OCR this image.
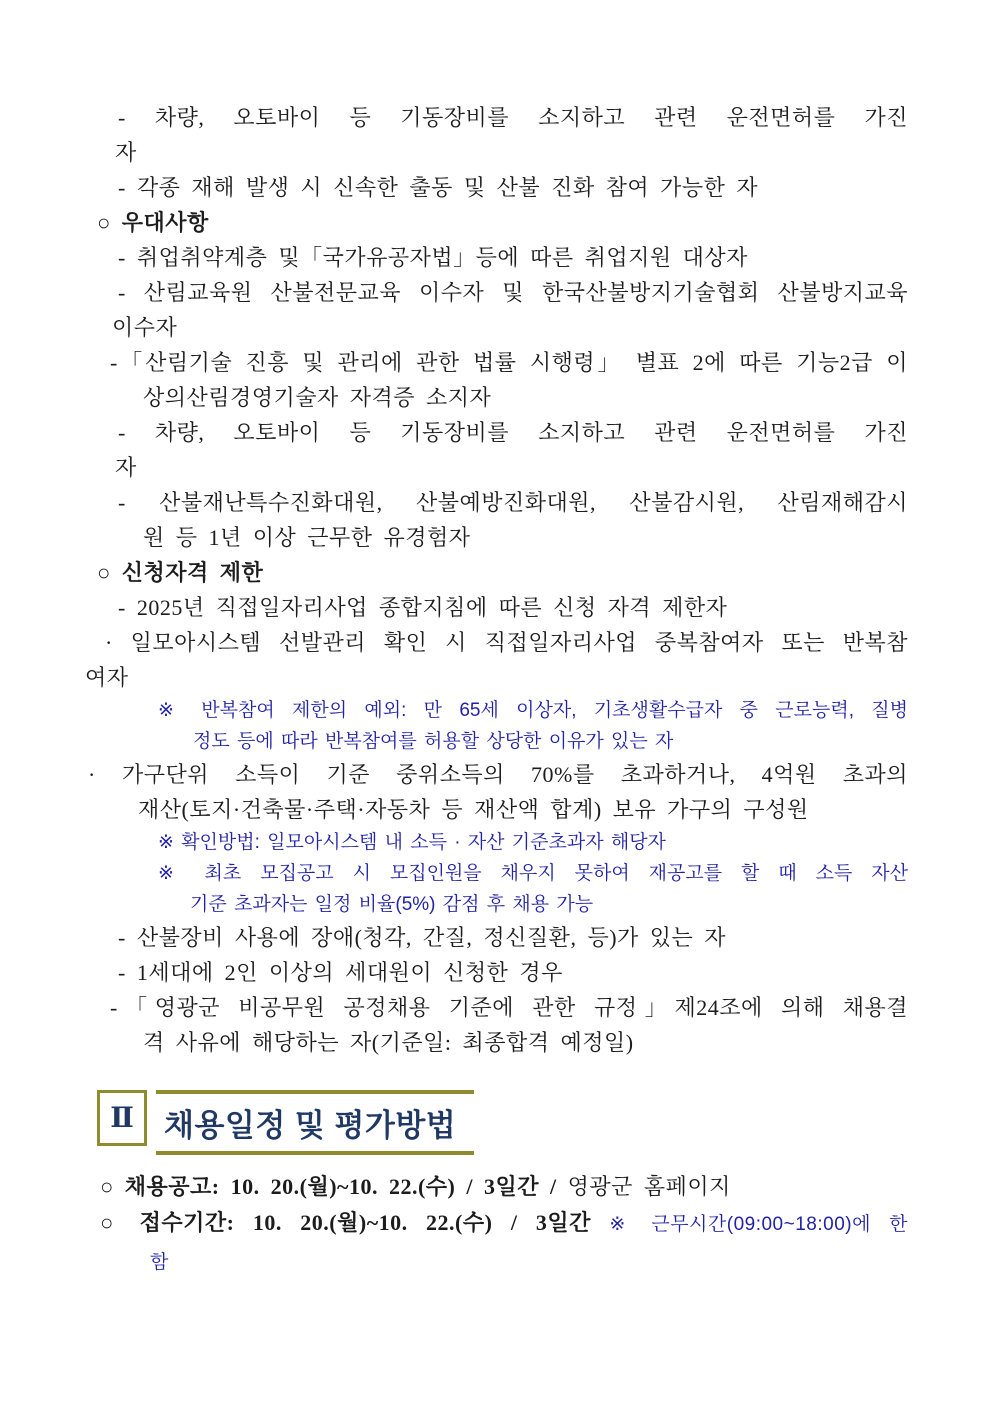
- 차량, 오토바이 등 기동장비를 소지하고 관련 운전면허를 가진
자
- 각종 재해 발생 시 신속한 출동 및 산불 진화 참여 가능한 자
○ 우대사항
- 취업취약계층 및「국가유공자법」등에 따른 취업지원 대상자
- 산림교육원 산불전문교육 이수자 및 한국산불방지기술협회 산불방지교육
이수자
-「산림기술 진흥 및 관리에 관한 법률 시행령」 별표 2에 따른 기능2급 이
상의산림경영기술자 자격증 소지자
- 차량, 오토바이 등 기동장비를 소지하고 관련 운전면허를 가진
자
- 산불재난특수진화대원, 산불예방진화대원, 산불감시원, 산림재해감시
원 등 1년 이상 근무한 유경험자
○ 신청자격 제한
- 2025년 직접일자리사업 종합지침에 따른 신청 자격 제한자
· 일모아시스템 선발관리 확인 시 직접일자리사업 중복참여자 또는 반복참
여자
※ 반복참여 제한의 예외: 만 65세 이상자, 기초생활수급자 중 근로능력, 질병
정도 등에 따라 반복참여를 허용할 상당한 이유가 있는 자
· 가구단위 소득이 기준 중위소득의 70%를 초과하거나, 4억원 초과의
재산(토지·건축물·주택·자동차 등 재산액 합계) 보유 가구의 구성원
※ 확인방법: 일모아시스템 내 소득 · 자산 기준초과자 해당자
※ 최초 모집공고 시 모집인원을 채우지 못하여 재공고를 할 때 소득 자산
기준 초과자는 일정 비율(5%) 감점 후 채용 가능
- 산불장비 사용에 장애(청각, 간질, 정신질환, 등)가 있는 자
- 1세대에 2인 이상의 세대원이 신청한 경우
-「영광군 비공무원 공정채용 기준에 관한 규정」제24조에 의해 채용결
격 사유에 해당하는 자(기준일: 최종합격 예정일)
Ⅱ 채용일정 및 평가방법
○ 채용공고: 10. 20.(월)~10. 22.(수) / 3일간 / 영광군 홈페이지
○ 접수기간: 10. 20.(월)~10. 22.(수) / 3일간 ※ 근무시간(09:00~18:00)에 한
함
